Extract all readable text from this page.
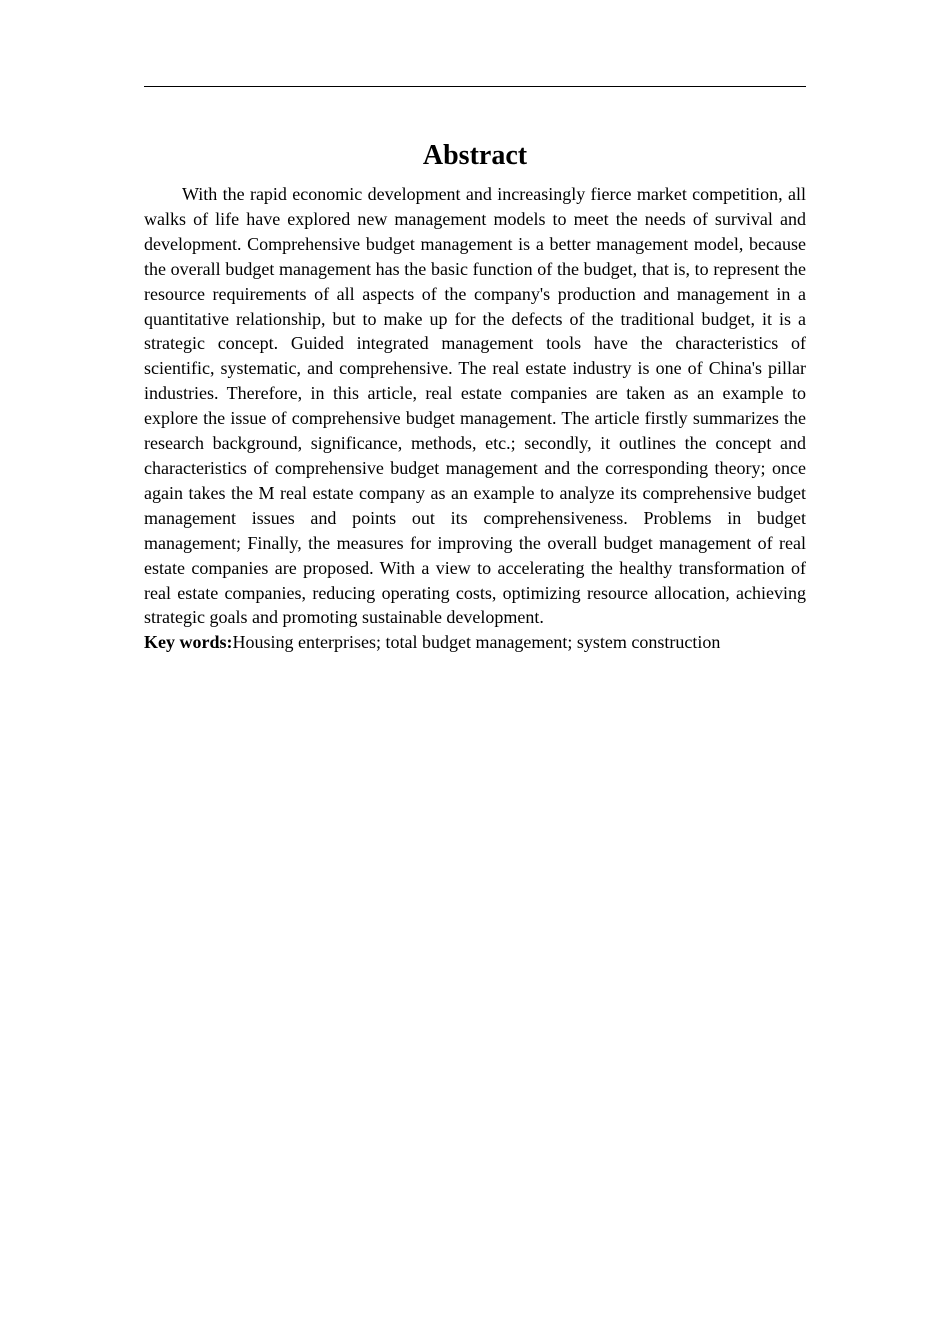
Abstract

With the rapid economic development and increasingly fierce market competition, all walks of life have explored new management models to meet the needs of survival and development. Comprehensive budget management is a better management model, because the overall budget management has the basic function of the budget, that is, to represent the resource requirements of all aspects of the company's production and management in a quantitative relationship, but to make up for the defects of the traditional budget, it is a strategic concept. Guided integrated management tools have the characteristics of scientific, systematic, and comprehensive. The real estate industry is one of China's pillar industries. Therefore, in this article, real estate companies are taken as an example to explore the issue of comprehensive budget management. The article firstly summarizes the research background, significance, methods, etc.; secondly, it outlines the concept and characteristics of comprehensive budget management and the corresponding theory; once again takes the M real estate company as an example to analyze its comprehensive budget management issues and points out its comprehensiveness. Problems in budget management; Finally, the measures for improving the overall budget management of real estate companies are proposed. With a view to accelerating the healthy transformation of real estate companies, reducing operating costs, optimizing resource allocation, achieving strategic goals and promoting sustainable development.

Key words:Housing enterprises; total budget management; system construction
